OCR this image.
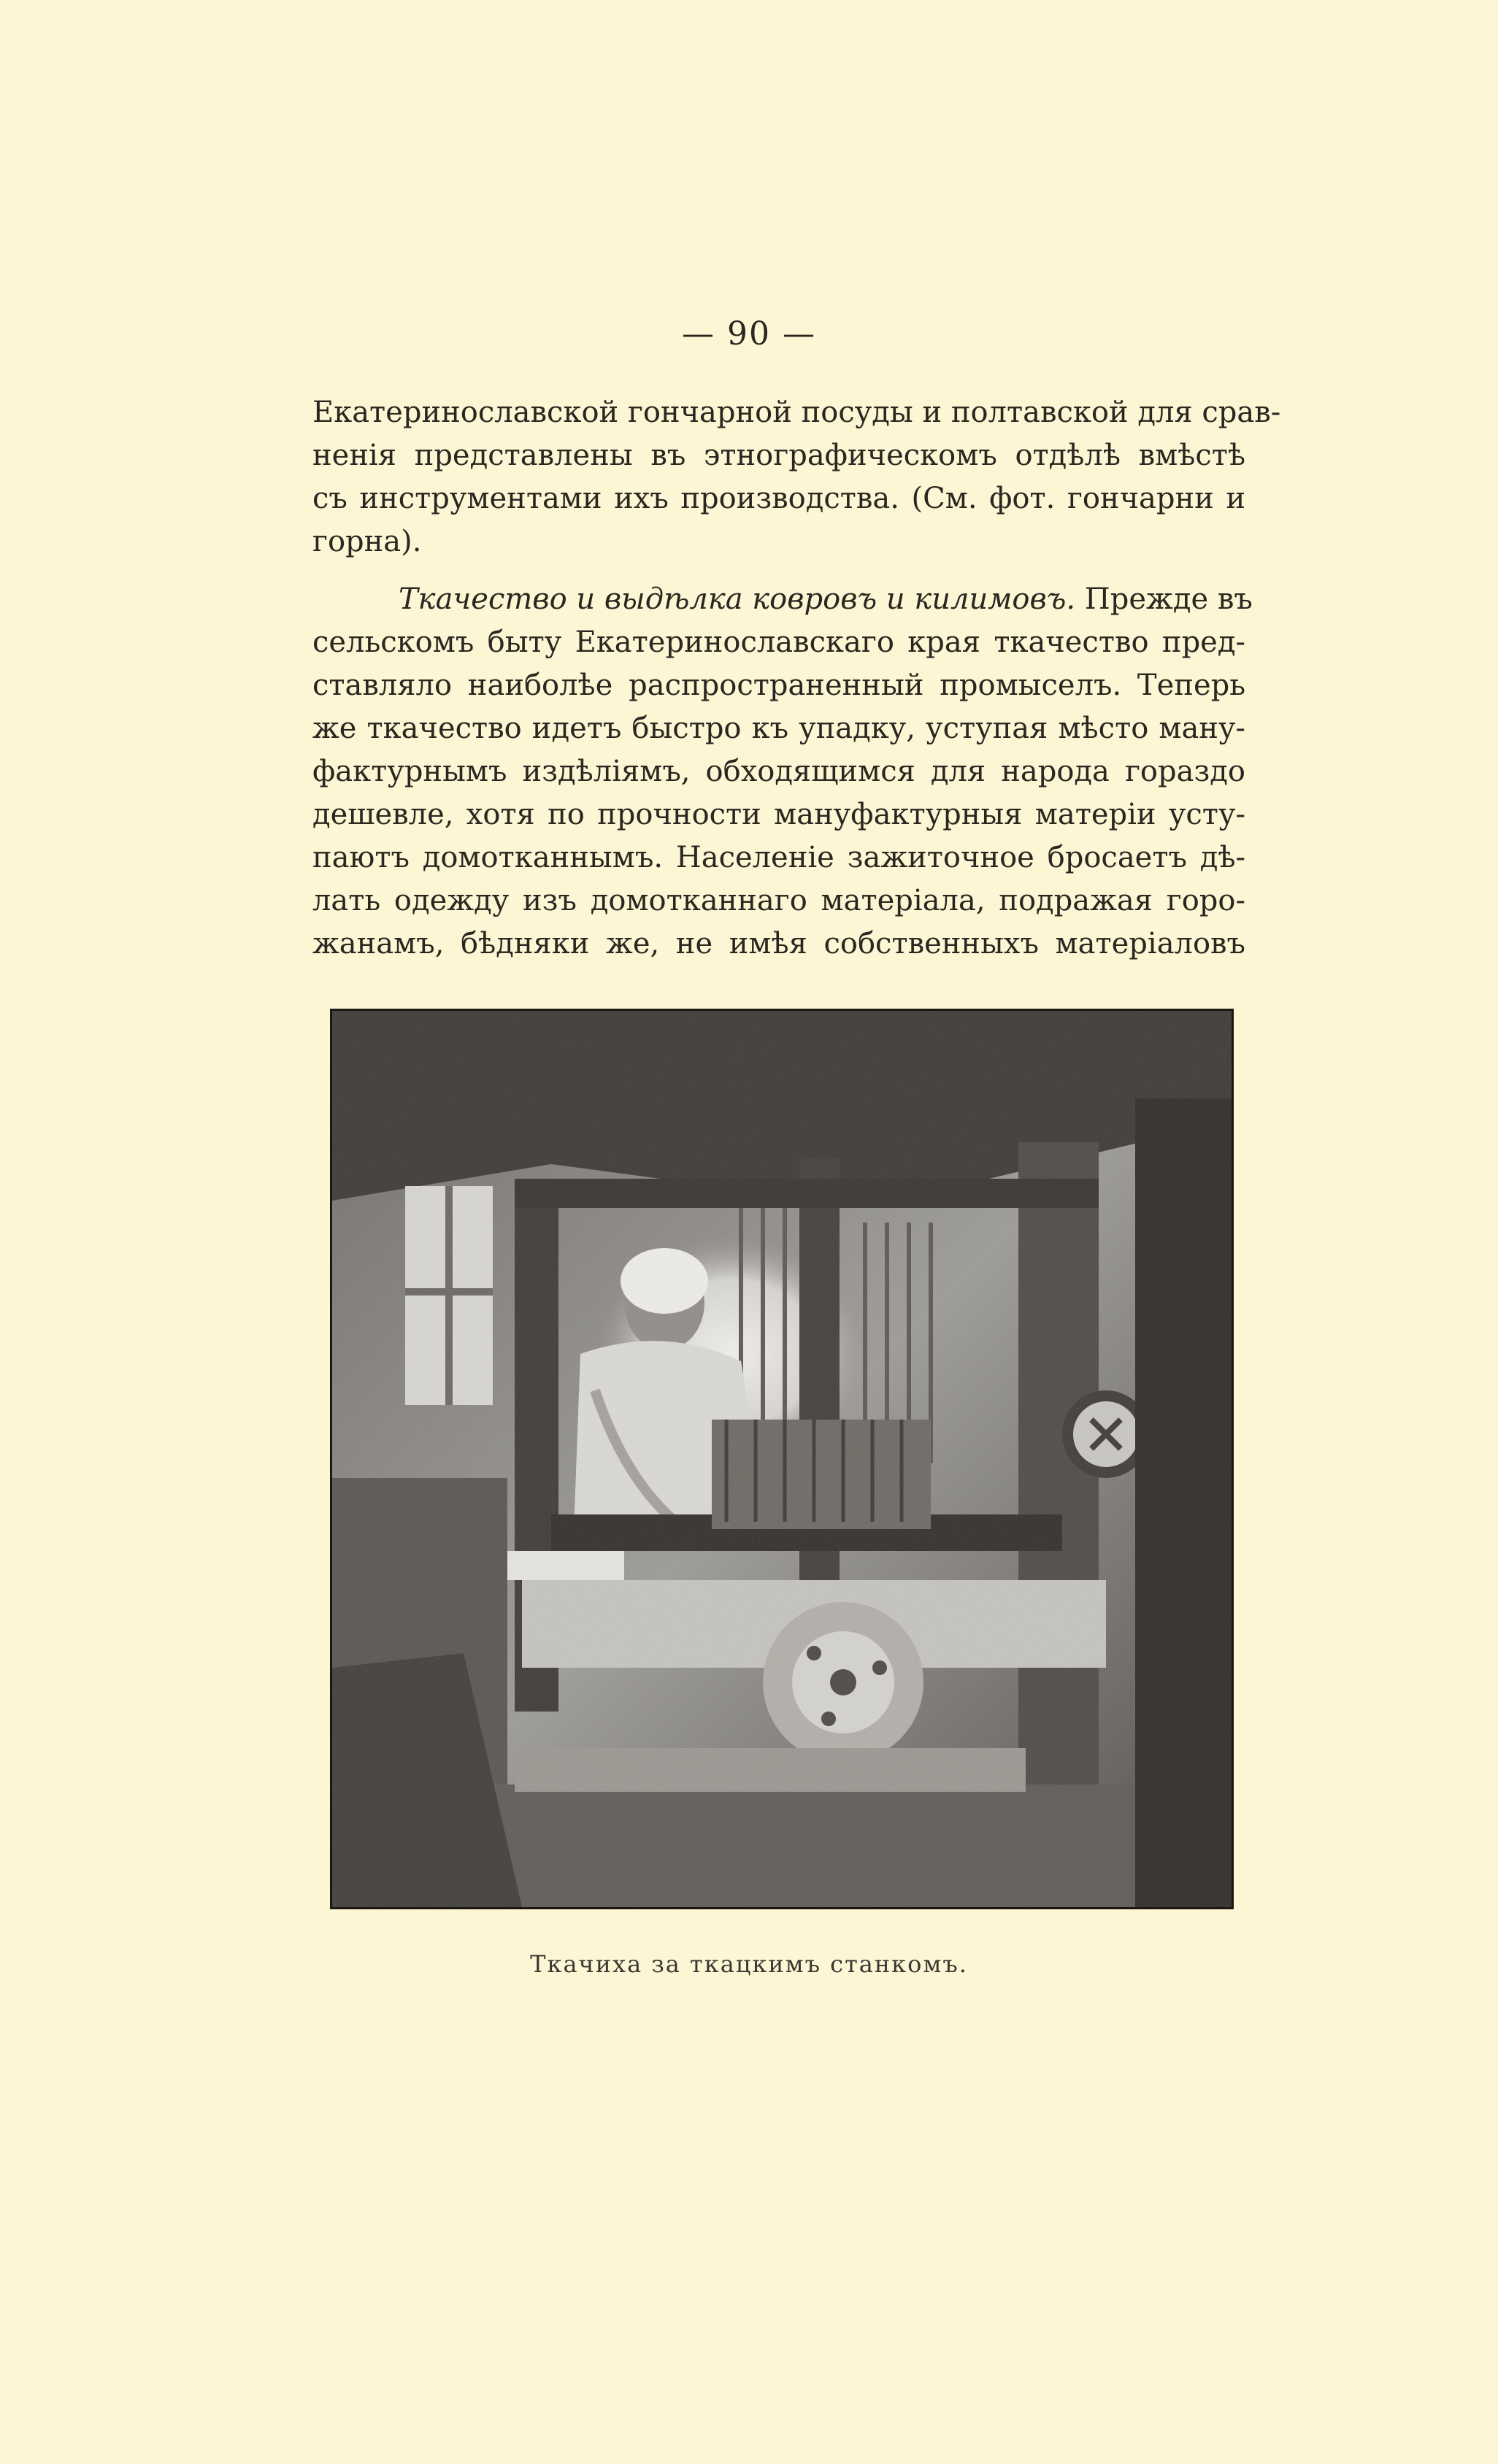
— 90 —
Екатеринославской гончарной посуды и полтавской для срав-
ненія представлены въ этнографическомъ отдѣлѣ вмѣстѣ
съ инструментами ихъ производства. (См. фот. гончарни и
горна).
Ткачество и выдѣлка ковровъ и килимовъ. Прежде въ
сельскомъ быту Екатеринославскаго края ткачество пред-
ставляло наиболѣе распространенный промыселъ. Теперь
же ткачество идетъ быстро къ упадку, уступая мѣсто ману-
фактурнымъ издѣліямъ, обходящимся для народа гораздо
дешевле, хотя по прочности мануфактурныя матеріи усту-
паютъ домотканнымъ. Населеніе зажиточное бросаетъ дѣ-
лать одежду изъ домотканнаго матеріала, подражая горо-
жанамъ, бѣдняки же, не имѣя собственныхъ матеріаловъ
Ткачиха за ткацкимъ станкомъ.
